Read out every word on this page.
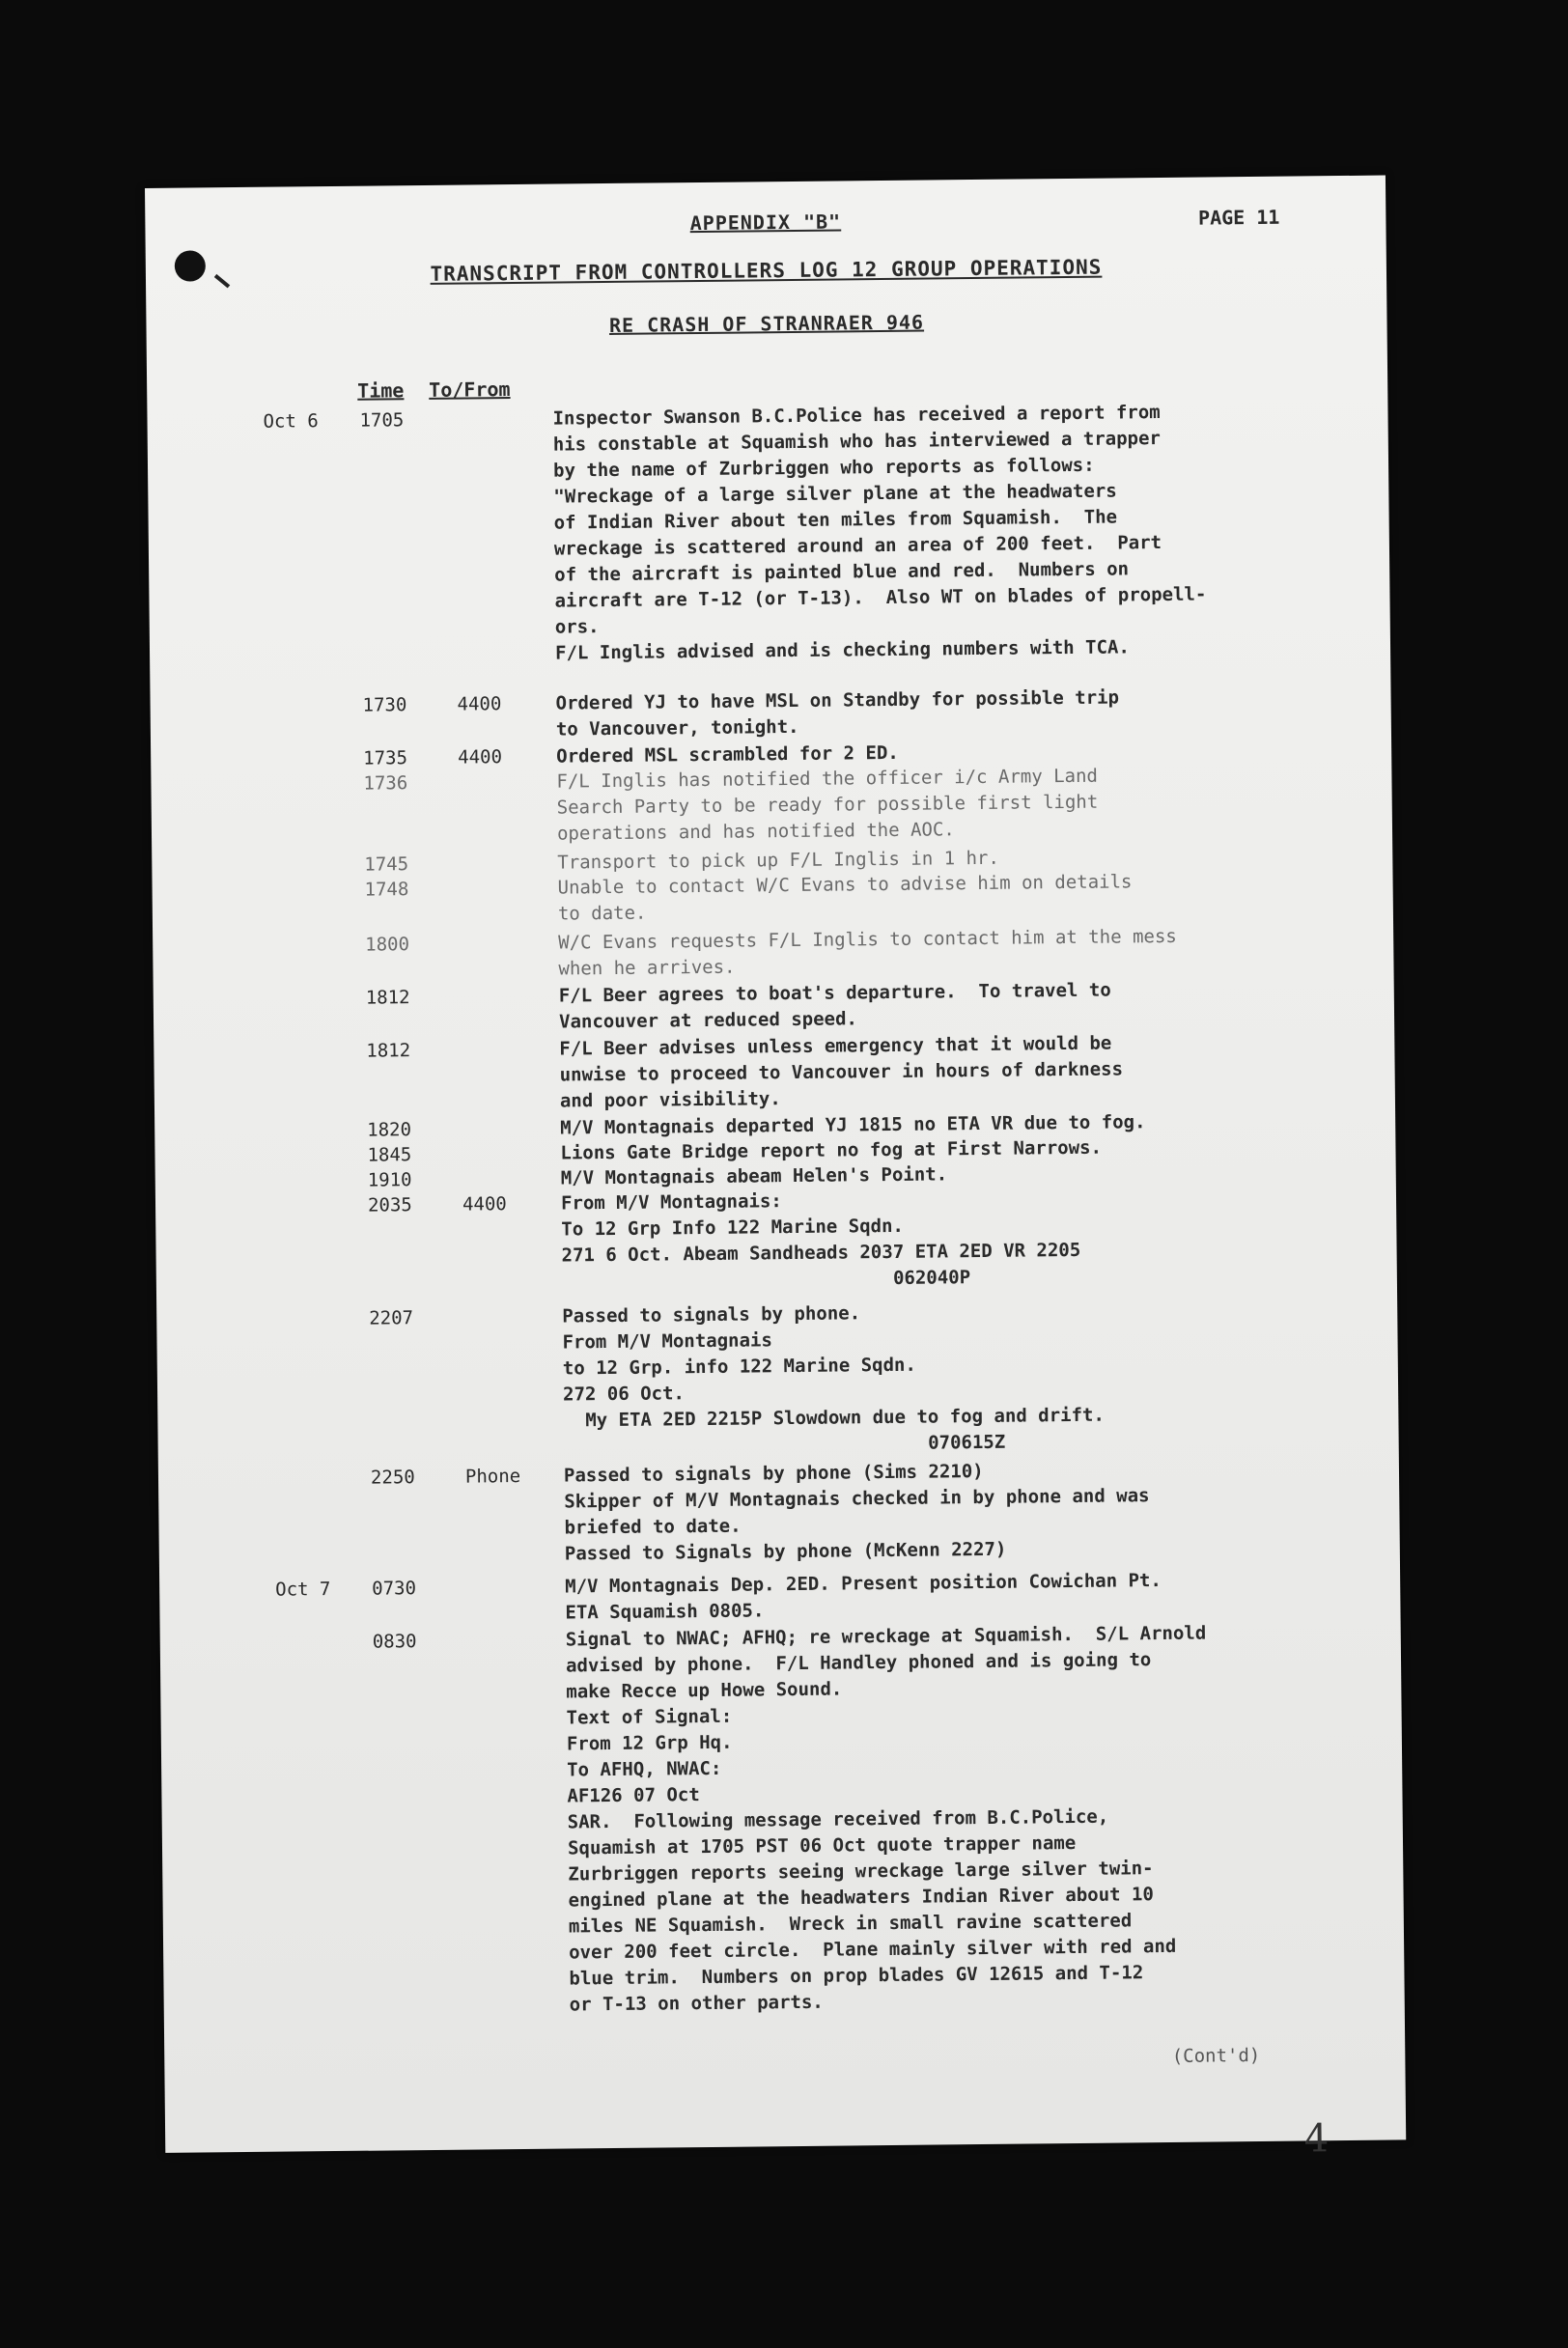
APPENDIX "B"	PAGE 11
TRANSCRIPT FROM CONTROLLERS LOG 12 GROUP OPERATIONS
RE CRASH OF STRANRAER 946
Time To/From
Oct 6 1705	Inspector Swanson B.C.Police has received a report from
his constable at Squamish who has interviewed a trapper
by the name of Zurbriggen who reports as follows:
"Wreckage of a large silver plane at the headwaters
of Indian River about ten miles from Squamish.  The
wreckage is scattered around an area of 200 feet.  Part
of the aircraft is painted blue and red.  Numbers on
aircraft are T-12 (or T-13).  Also WT on blades of propell-
ors.
F/L Inglis advised and is checking numbers with TCA.
1730	4400	Ordered YJ to have MSL on Standby for possible trip
to Vancouver, tonight.
1735	4400	Ordered MSL scrambled for 2 ED.
1736	F/L Inglis has notified the officer i/c Army Land
Search Party to be ready for possible first light
operations and has notified the AOC.
1745	Transport to pick up F/L Inglis in 1 hr.
1748	Unable to contact W/C Evans to advise him on details
to date.
1800	W/C Evans requests F/L Inglis to contact him at the mess
when he arrives.
1812	F/L Beer agrees to boat's departure.  To travel to
Vancouver at reduced speed.
1812	F/L Beer advises unless emergency that it would be
unwise to proceed to Vancouver in hours of darkness
and poor visibility.
1820	M/V Montagnais departed YJ 1815 no ETA VR due to fog.
1845	Lions Gate Bridge report no fog at First Narrows.
1910	M/V Montagnais abeam Helen's Point.
2035	4400	From M/V Montagnais:
To 12 Grp Info 122 Marine Sqdn.
271 6 Oct. Abeam Sandheads 2037 ETA 2ED VR 2205
062040P
2207	Passed to signals by phone.
From M/V Montagnais
to 12 Grp. info 122 Marine Sqdn.
272 06 Oct.
My ETA 2ED 2215P Slowdown due to fog and drift.
070615Z
2250	Phone Passed to signals by phone (Sims 2210)
Skipper of M/V Montagnais checked in by phone and was
briefed to date.
Passed to Signals by phone (McKenn 2227)
Oct 7 0730	M/V Montagnais Dep. 2ED. Present position Cowichan Pt.
ETA Squamish 0805.
0830	Signal to NWAC; AFHQ; re wreckage at Squamish.  S/L Arnold
advised by phone.  F/L Handley phoned and is going to
make Recce up Howe Sound.
Text of Signal:
From 12 Grp Hq.
To AFHQ, NWAC:
AF126 07 Oct
SAR.  Following message received from B.C.Police,
Squamish at 1705 PST 06 Oct quote trapper name
Zurbriggen reports seeing wreckage large silver twin-
engined plane at the headwaters Indian River about 10
miles NE Squamish.  Wreck in small ravine scattered
over 200 feet circle.  Plane mainly silver with red and
blue trim.  Numbers on prop blades GV 12615 and T-12
or T-13 on other parts.
(Cont'd)
4
